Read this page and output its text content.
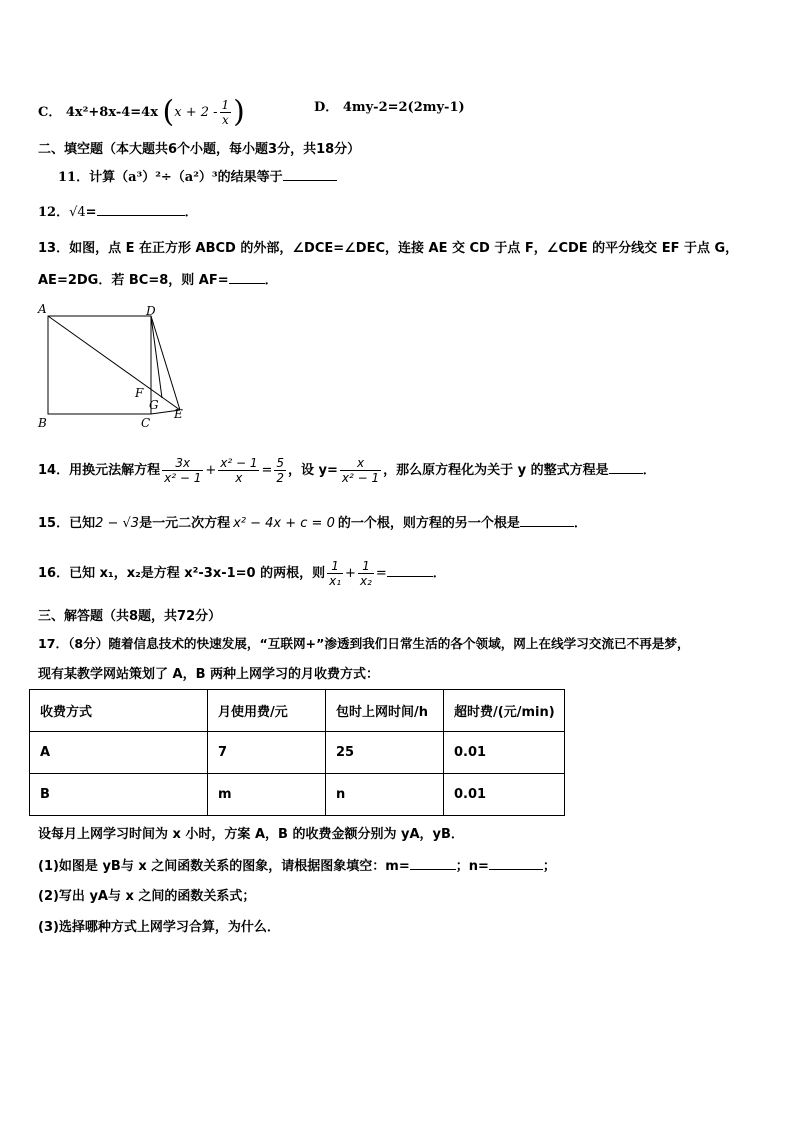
C． 4x²+8x-4=4x ($x + 2 - \frac{1}{x}$ )	D． 4my-2=2(2my-1)
二、填空题（本大题共6个小题，每小题3分，共18分）
11．计算（a³）²÷（a²）³的结果等于
12．√4=	．
13．如图，点 E 在正方形 ABCD 的外部，∠DCE=∠DEC，连接 AE 交 CD 于点 F，∠CDE 的平分线交 EF 于点 G，
AE=2DG．若 BC=8，则 AF=	．
A	D
B	C
E
F
G
14．用换元法解方程 $\frac{3x}{\text{x² − 1}} + \frac{\text{x² − 1}}{x} = \frac{5}{2}$ ，设 $y= \frac{x}{\text{x² − 1}}$ ，那么原方程化为关于 y 的整式方程是	．
15．已知2 − √3是一元二次方程 x² − 4x + c = 0 的一个根，则方程的另一个根是	．
16．已知 x₁，x₂是方程 x²-3x-1=0 的两根，则 $\frac{1}{\text{x₁}} + \frac{1}{\text{x₂}}$ =	．
三、解答题（共8题，共72分）
17．（8分）随着信息技术的快速发展，“互联网+”渗透到我们日常生活的各个领域，网上在线学习交流已不再是梦，
现有某教学网站策划了 A，B 两种上网学习的月收费方式：
收费方式	月使用费/元	包时上网时间/h	超时费/(元/min)
A	7	25	0.01
B	m	n	0.01
设每月上网学习时间为 x 小时，方案 A，B 的收费金额分别为 yA，yB．
(1)如图是 yB与 x 之间函数关系的图象，请根据图象填空：m=	；n=	；
(2)写出 yA与 x 之间的函数关系式；
(3)选择哪种方式上网学习合算，为什么．
